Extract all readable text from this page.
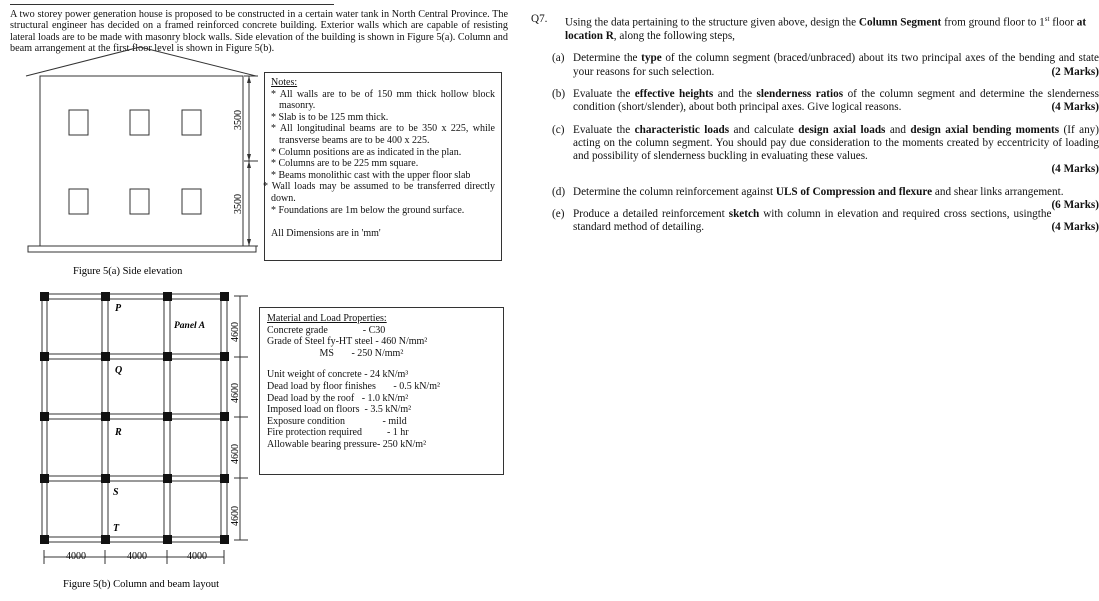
A two storey power generation house is proposed to be constructed in a certain water tank in North Central Province. The structural engineer has decided on a framed reinforced concrete building. Exterior walls which are capable of resisting lateral loads are to be made with masonry block walls. Side elevation of the building is shown in Figure 5(a). Column and beam arrangement at the first floor level is shown in Figure 5(b).
3500
3500
Figure 5(a) Side elevation
P
Q
R
S
T
Panel A 4600
4600
4600
4600
4000	4000	4000
Figure 5(b) Column and beam layout
Notes:
* All walls are to be of 150 mm thick hollow block masonry.
* Slab is to be 125 mm thick.
* All longitudinal beams are to be 350 x 225, while transverse beams are to be 400 x 225.
* Column positions are as indicated in the plan.
* Columns are to be 225 mm square.
* Beams monolithic cast with the upper floor slab
* Wall loads may be assumed to be transferred directly down.
* Foundations are 1m below the ground surface.
All Dimensions are in 'mm'
Material and Load Properties:
Concrete grade              - C30
Grade of Steel fy-HT steel - 460 N/mm²
MS       - 250 N/mm²
Unit weight of concrete - 24 kN/m³
Dead load by floor finishes       - 0.5 kN/m²
Dead load by the roof   - 1.0 kN/m²
Imposed load on floors  - 3.5 kN/m²
Exposure condition               - mild
Fire protection required          - 1 hr
Allowable bearing pressure- 250 kN/m²
Q7. Using the data pertaining to the structure given above, design the Column Segment from ground floor to 1st floor at location R, along the following steps,
(a) Determine the type of the column segment (braced/unbraced) about its two principal axes of the bending and state your reasons for such selection.	(2 Marks)
(b) Evaluate the effective heights and the slenderness ratios of the column segment and determine the slenderness condition (short/slender), about both principal axes. Give logical reasons.	(4 Marks)
(c) Evaluate the characteristic loads and calculate design axial loads and design axial bending moments (If any) acting on the column segment. You should pay due consideration to the moments created by eccentricity of loading and possibility of slenderness buckling in evaluating these values.
(4 Marks)
(d) Determine the column reinforcement against ULS of Compression and flexure and shear links arrangement.
(6 Marks)
(e) Produce a detailed reinforcement sketch with column in elevation and required cross sections, usingthe standard method of detailing.	(4 Marks)
